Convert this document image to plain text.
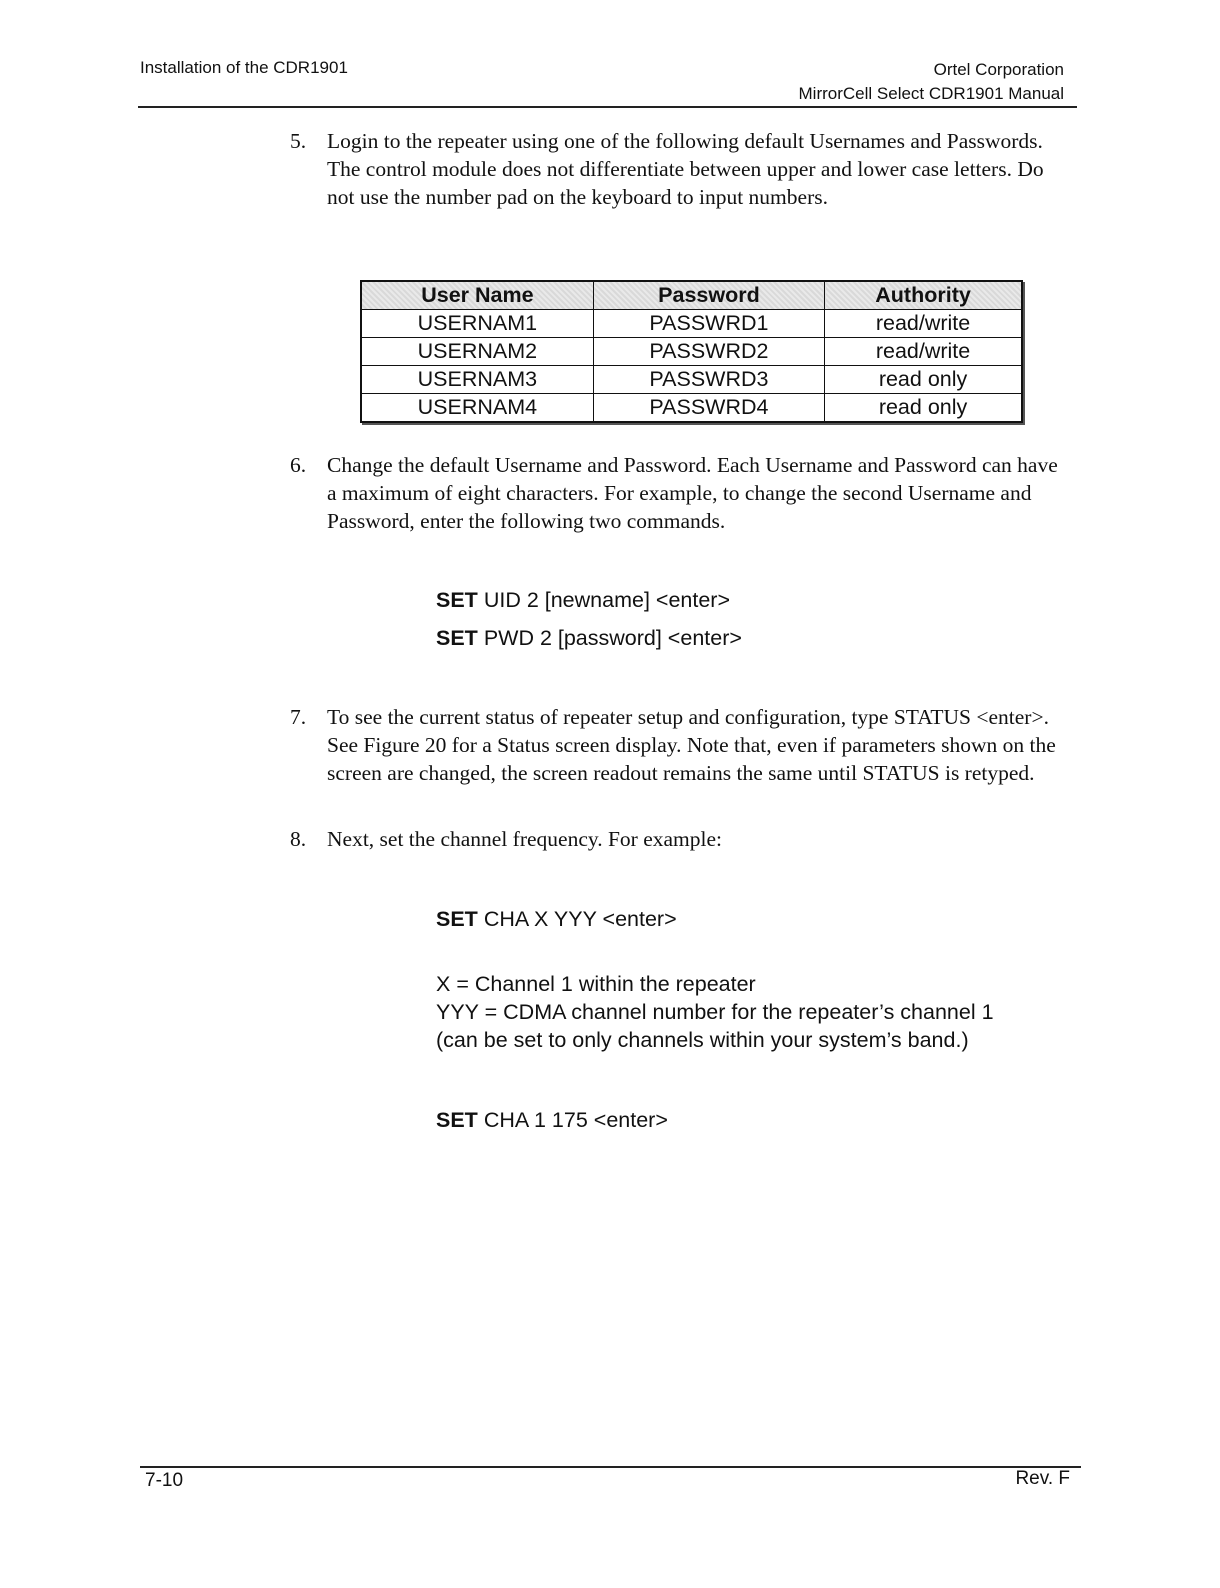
Installation of the CDR1901	Ortel Corporation
MirrorCell Select CDR1901 Manual
5. Login to the repeater using one of the following default Usernames and Passwords. The control module does not differentiate between upper and lower case letters. Do not use the number pad on the keyboard to input numbers.
User Name	Password	Authority
USERNAM1	PASSWRD1	read/write
USERNAM2	PASSWRD2	read/write
USERNAM3	PASSWRD3	read only
USERNAM4	PASSWRD4	read only
6. Change the default Username and Password. Each Username and Password can have a maximum of eight characters. For example, to change the second Username and Password, enter the following two commands.
SET UID 2 [newname] <enter>
SET PWD 2 [password] <enter>
7. To see the current status of repeater setup and configuration, type STATUS <enter>. See Figure 20 for a Status screen display. Note that, even if parameters shown on the screen are changed, the screen readout remains the same until STATUS is retyped.
8. Next, set the channel frequency. For example:
SET CHA X YYY <enter>
X = Channel 1 within the repeater
YYY = CDMA channel number for the repeater’s channel 1
(can be set to only channels within your system’s band.)
SET CHA 1 175 <enter>
7-10	Rev. F
